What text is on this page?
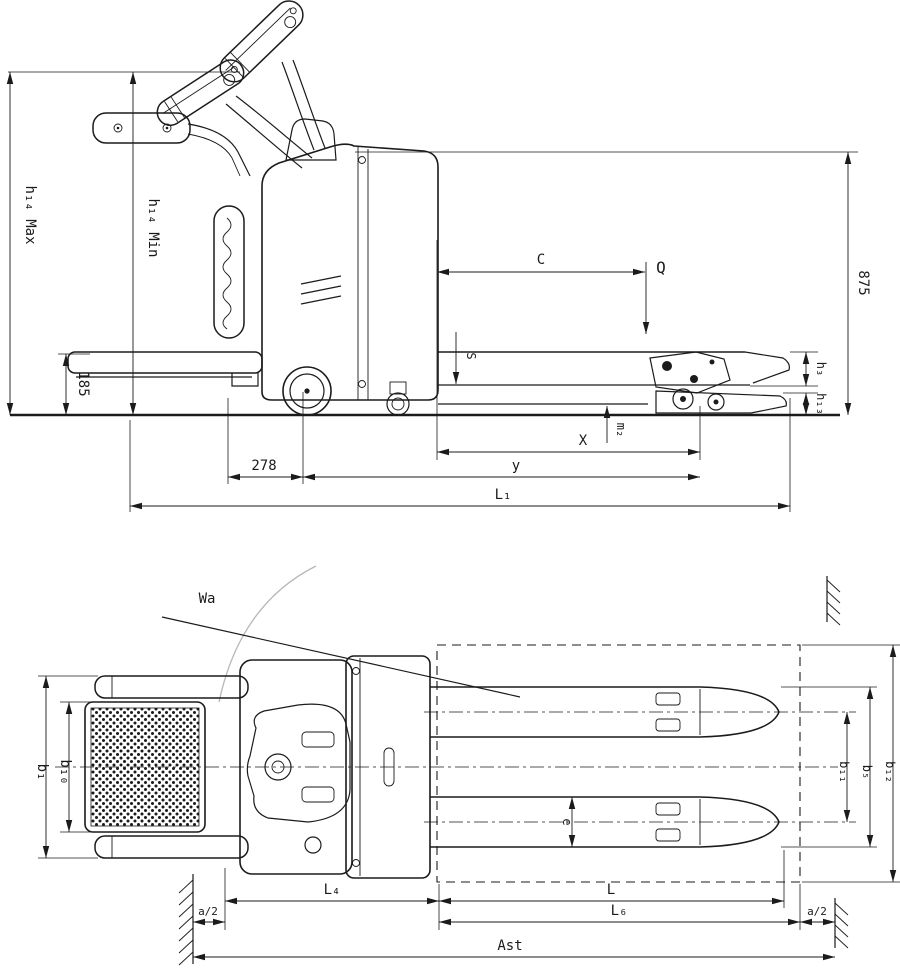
h₁₄ Max	h₁₄ Min
185
875
C	Q
S
h₃
h₁₃
m₂
X
278	y
L₁
Wa
b₁ b₁₀	b₁₁ b₅ b₁₂
e
L₄	L
a/2	L₆	a/2
Ast
